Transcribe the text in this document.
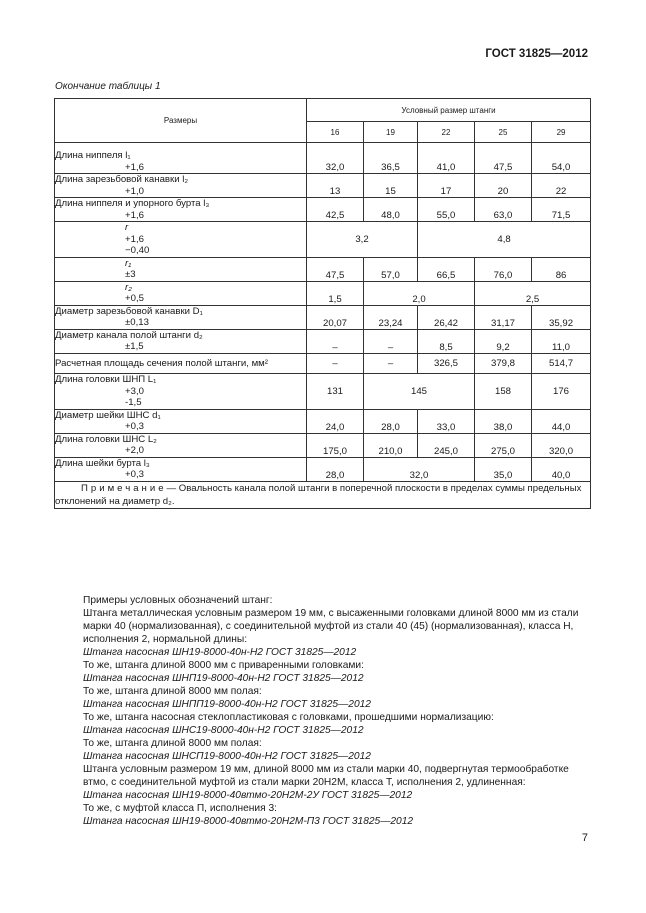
ГОСТ 31825—2012
Окончание таблицы 1
Размеры	Условный размер штанги				
	16	19	22	25	29
Длина ниппеля l₁
+1,6	32,0	36,5	41,0	47,5	54,0
Длина зарезьбовой канавки l₂
+1,0	13	15	17	20	22
Длина ниппеля и упорного бурта l₃
+1,6	42,5	48,0	55,0	63,0	71,5

r
+1,6
−0,40	3,2		4,8		

r₁
±3	47,5	57,0	66,5	76,0	86

r₂
+0,5	1,5	2,0		2,5	
Диаметр зарезьбовой канавки D₁
±0,13	20,07	23,24	26,42	31,17	35,92
Диаметр канала полой штанги d₂
±1,5	–	–	8,5	9,2	11,0
Расчетная площадь сечения полой штанги, мм²	–	–	326,5	379,8	514,7
Длина головки ШНП L₁
+3,0
-1,5	131	145		158	176
Диаметр шейки ШНС d₁
+0,3	24,0	28,0	33,0	38,0	44,0
Длина головки ШНС L₂
+2,0	175,0	210,0	245,0	275,0	320,0
Длина шейки бурта l₃
+0,3	28,0	32,0		35,0	40,0
Примечание— Овальность канала полой штанги в поперечной плоскости в пределах суммы предельных отклонений на диаметр d₂.					

Примеры условных обозначений штанг:

Штанга металлическая условным размером 19 мм, с высаженными головками длиной 8000 мм из стали марки 40 (нормализованная), с соединительной муфтой из стали 40 (45) (нормализованная), класса Н, исполнения 2, нормальной длины:

Штанга насосная ШН19-8000-40н-Н2 ГОСТ 31825—2012

То же, штанга длиной 8000 мм с приваренными головками:

Штанга насосная ШНП19-8000-40н-Н2 ГОСТ 31825—2012

То же, штанга длиной 8000 мм полая:

Штанга насосная ШНПП19-8000-40н-Н2 ГОСТ 31825—2012

То же, штанга насосная стеклопластиковая с головками, прошедшими нормализацию:

Штанга насосная ШНС19-8000-40н-Н2 ГОСТ 31825—2012

То же, штанга длиной 8000 мм полая:

Штанга насосная ШНСП19-8000-40н-Н2 ГОСТ 31825—2012

Штанга условным размером 19 мм, длиной 8000 мм из стали марки 40, подвергнутая термообработке втмо, с соединительной муфтой из стали марки 20Н2М, класса Т, исполнения 2, удлиненная:

Штанга насосная ШН19-8000-40втмо-20Н2М-2У ГОСТ 31825—2012

То же, с муфтой класса П, исполнения 3:

Штанга насосная ШН19-8000-40втмо-20Н2М-П3 ГОСТ 31825—2012

7
